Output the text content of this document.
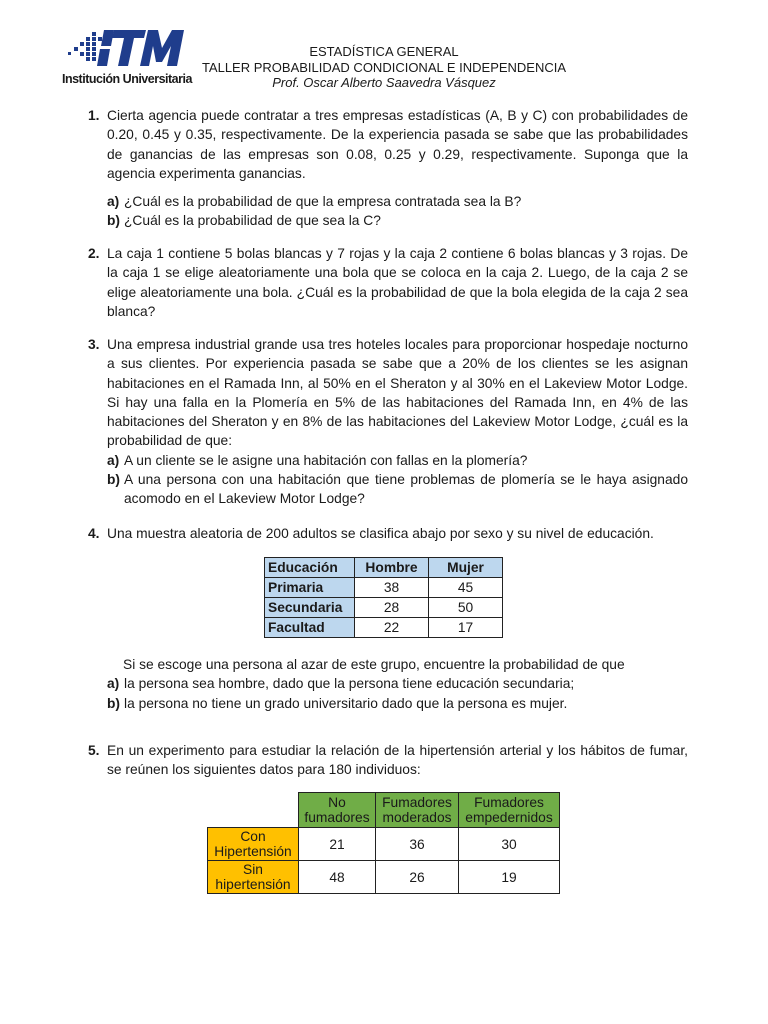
Institución Universitaria
ESTADÍSTICA GENERAL
TALLER PROBABILIDAD CONDICIONAL E INDEPENDENCIA
Prof. Oscar Alberto Saavedra Vásquez
1. Cierta agencia puede contratar a tres empresas estadísticas (A, B y C) con probabilidades de 0.20, 0.45 y 0.35, respectivamente. De la experiencia pasada se sabe que las probabilidades de ganancias de las empresas son 0.08, 0.25 y 0.29, respectivamente. Suponga que la agencia experimenta ganancias.

a) ¿Cuál es la probabilidad de que la empresa contratada sea la B?
b) ¿Cuál es la probabilidad de que sea la C?
2. La caja 1 contiene 5 bolas blancas y 7 rojas y la caja 2 contiene 6 bolas blancas y 3 rojas. De la caja 1 se elige aleatoriamente una bola que se coloca en la caja 2. Luego, de la caja 2 se elige aleatoriamente una bola. ¿Cuál es la probabilidad de que la bola elegida de la caja 2 sea blanca?

3. Una empresa industrial grande usa tres hoteles locales para proporcionar hospedaje nocturno a sus clientes. Por experiencia pasada se sabe que a 20% de los clientes se les asignan habitaciones en el Ramada Inn, al 50% en el Sheraton y al 30% en el Lakeview Motor Lodge. Si hay una falla en la Plomería en 5% de las habitaciones del Ramada Inn, en 4% de las habitaciones del Sheraton y en 8% de las habitaciones del Lakeview Motor Lodge, ¿cuál es la probabilidad de que:

a) A un cliente se le asigne una habitación con fallas en la plomería?
b) A una persona con una habitación que tiene problemas de plomería se le haya asignado acomodo en el Lakeview Motor Lodge?
4. Una muestra aleatoria de 200 adultos se clasifica abajo por sexo y su nivel de educación.

Educación	Hombre	Mujer
Primaria	38	45
Secundaria	28	50
Facultad	22	17

Si se escoge una persona al azar de este grupo, encuentre la probabilidad de que

a) la persona sea hombre, dado que la persona tiene educación secundaria;
b) la persona no tiene un grado universitario dado que la persona es mujer.
5. En un experimento para estudiar la relación de la hipertensión arterial y los hábitos de fumar, se reúnen los siguientes datos para 180 individuos:

	No fumadores	Fumadores moderados	Fumadores empedernidos
Con Hipertensión	21	36	30
Sin hipertensión	48	26	19
